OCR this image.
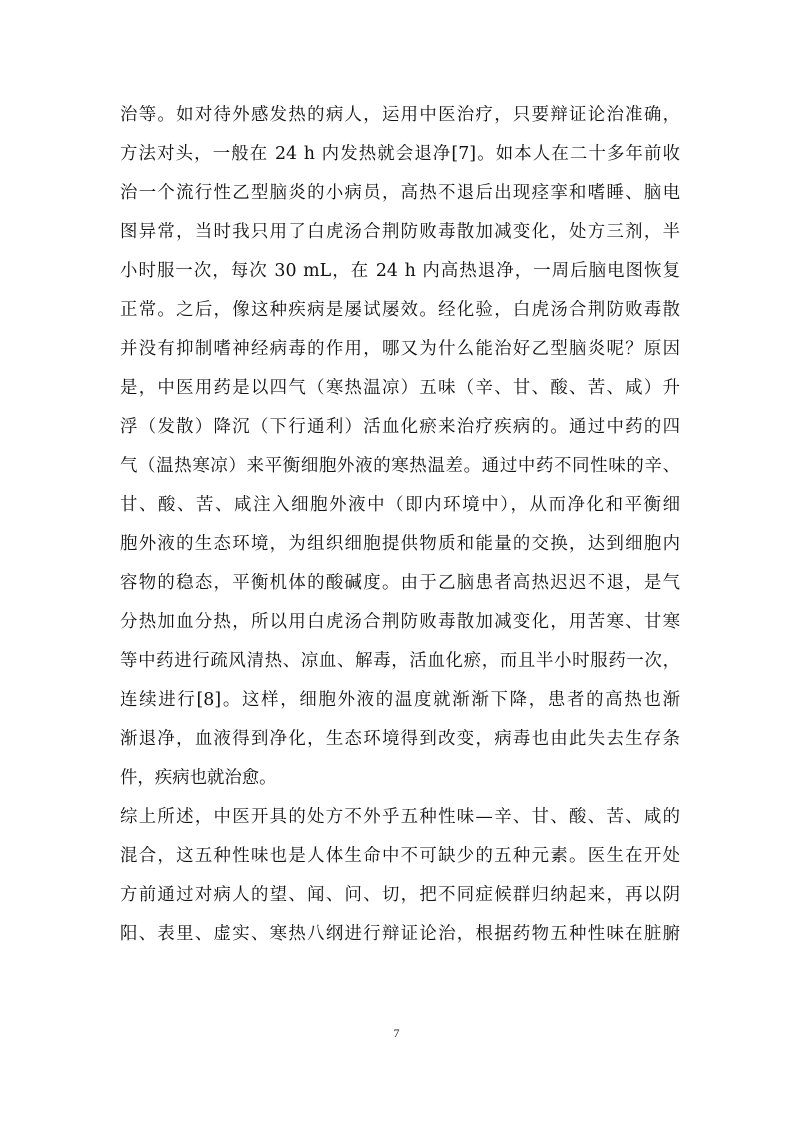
治等。如对待外感发热的病人，运用中医治疗，只要辩证论治准确，
方法对头，一般在 24 h 内发热就会退净[7]。如本人在二十多年前收
治一个流行性乙型脑炎的小病员，高热不退后出现痉挛和嗜睡、脑电
图异常，当时我只用了白虎汤合荆防败毒散加减变化，处方三剂，半
小时服一次，每次 30 mL，在 24 h 内高热退净，一周后脑电图恢复
正常。之后，像这种疾病是屡试屡效。经化验，白虎汤合荆防败毒散
并没有抑制嗜神经病毒的作用，哪又为什么能治好乙型脑炎呢？原因
是，中医用药是以四气（寒热温凉）五味（辛、甘、酸、苦、咸）升
浮（发散）降沉（下行通利）活血化瘀来治疗疾病的。通过中药的四
气（温热寒凉）来平衡细胞外液的寒热温差。通过中药不同性味的辛、
甘、酸、苦、咸注入细胞外液中（即内环境中），从而净化和平衡细
胞外液的生态环境，为组织细胞提供物质和能量的交换，达到细胞内
容物的稳态，平衡机体的酸碱度。由于乙脑患者高热迟迟不退，是气
分热加血分热，所以用白虎汤合荆防败毒散加减变化，用苦寒、甘寒
等中药进行疏风清热、凉血、解毒，活血化瘀，而且半小时服药一次，
连续进行[8]。这样，细胞外液的温度就渐渐下降，患者的高热也渐
渐退净，血液得到净化，生态环境得到改变，病毒也由此失去生存条
件，疾病也就治愈。
综上所述，中医开具的处方不外乎五种性味—辛、甘、酸、苦、咸的
混合，这五种性味也是人体生命中不可缺少的五种元素。医生在开处
方前通过对病人的望、闻、问、切，把不同症候群归纳起来，再以阴
阳、表里、虚实、寒热八纲进行辩证论治，根据药物五种性味在脏腑
7
